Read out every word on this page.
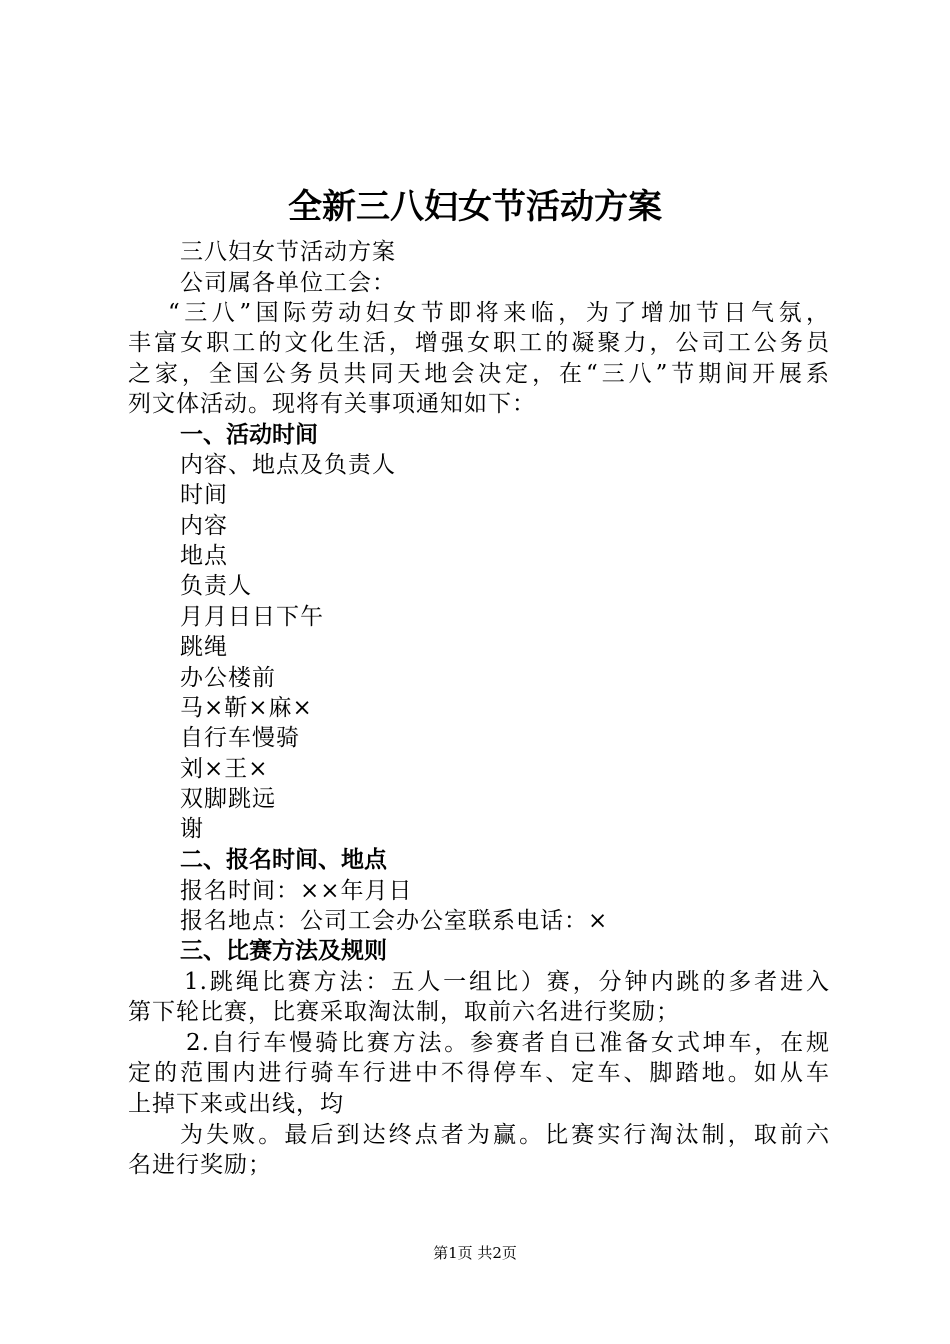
全新三八妇女节活动方案
三八妇女节活动方案
公司属各单位工会：
“三八”国际劳动妇女节即将来临，为了增加节日气氛，
丰富女职工的文化生活，增强女职工的凝聚力，公司工公务员
之家，全国公务员共同天地会决定，在“三八”节期间开展系
列文体活动。现将有关事项通知如下：
一、活动时间
内容、地点及负责人
时间
内容
地点
负责人
月月日日下午
跳绳
办公楼前
马×靳×麻×
自行车慢骑
刘×王×
双脚跳远
谢
二、报名时间、地点
报名时间：××年月日
报名地点：公司工会办公室联系电话：×
三、比赛方法及规则
1.跳绳比赛方法：五人一组比）赛，分钟内跳的多者进入
第下轮比赛，比赛采取淘汰制，取前六名进行奖励；
2.自行车慢骑比赛方法。参赛者自已准备女式坤车，在规
定的范围内进行骑车行进中不得停车、定车、脚踏地。如从车
上掉下来或出线，均
为失败。最后到达终点者为赢。比赛实行淘汰制，取前六
名进行奖励；
第1页 共2页
